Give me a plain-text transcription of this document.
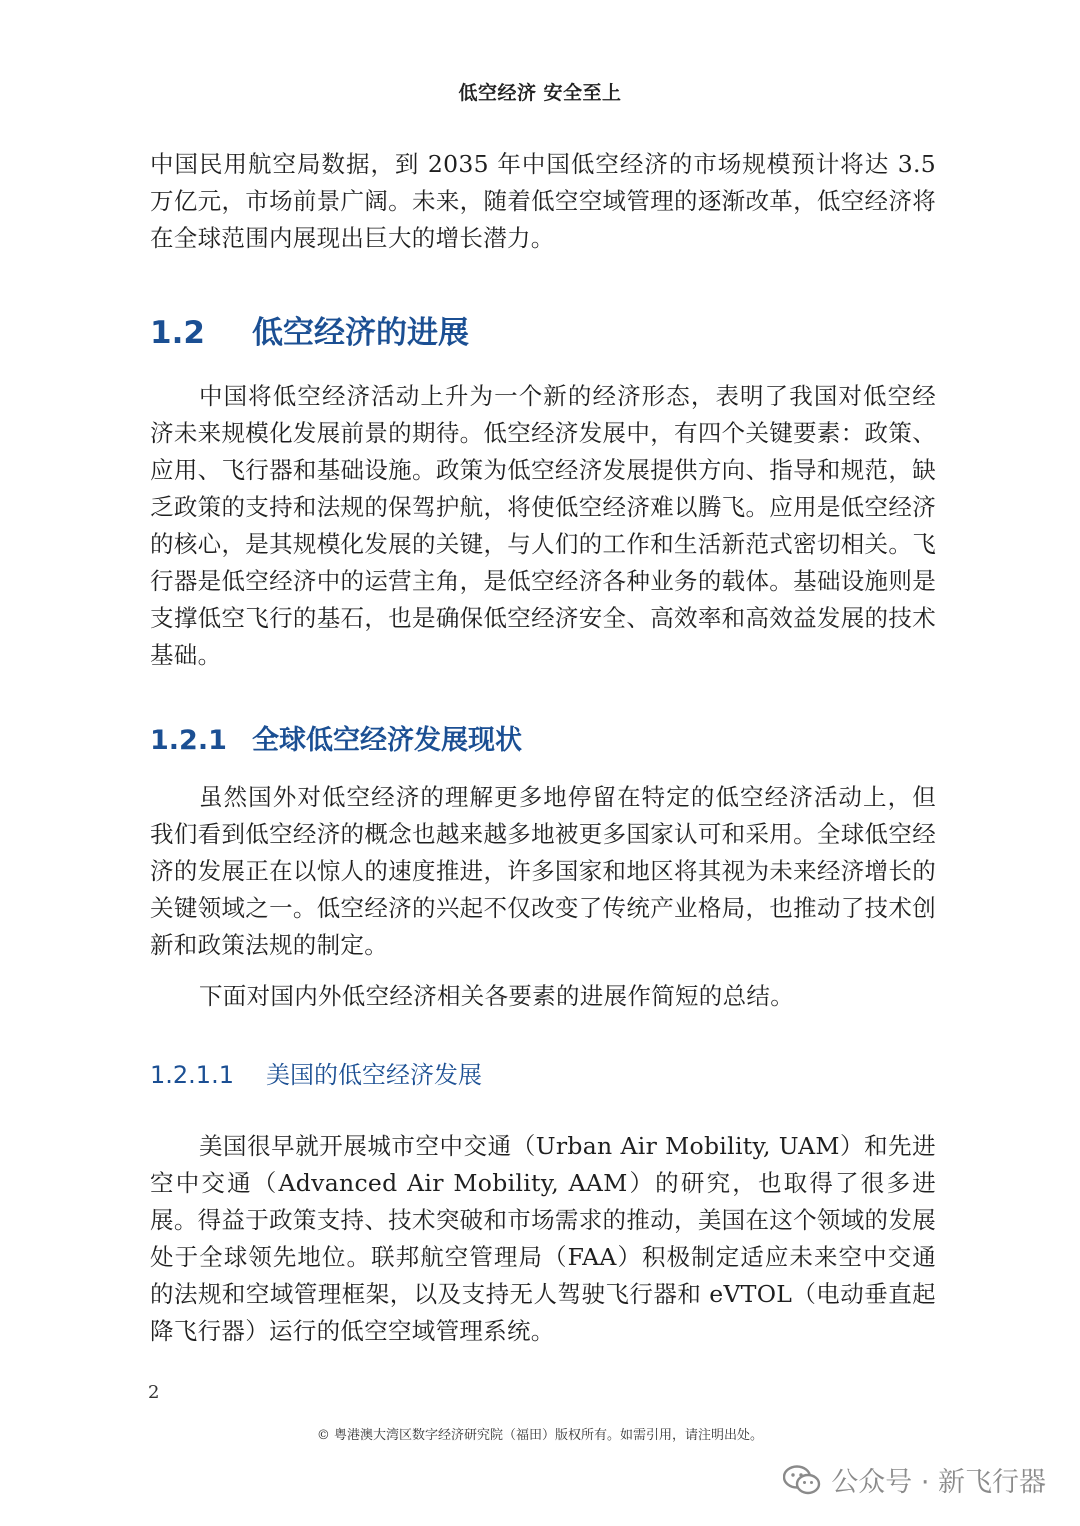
低空经济 安全至上

中国民用航空局数据，到 2035 年中国低空经济的市场规模预计将达 3.5 万亿元，市场前景广阔。未来，随着低空空域管理的逐渐改革，低空经济将在全球范围内展现出巨大的增长潜力。

1.2	低空经济的进展

中国将低空经济活动上升为一个新的经济形态，表明了我国对低空经济未来规模化发展前景的期待。低空经济发展中，有四个关键要素：政策、应用、飞行器和基础设施。政策为低空经济发展提供方向、指导和规范，缺乏政策的支持和法规的保驾护航，将使低空经济难以腾飞。应用是低空经济的核心，是其规模化发展的关键，与人们的工作和生活新范式密切相关。飞行器是低空经济中的运营主角，是低空经济各种业务的载体。基础设施则是支撑低空飞行的基石，也是确保低空经济安全、高效率和高效益发展的技术基础。

1.2.1 全球低空经济发展现状

虽然国外对低空经济的理解更多地停留在特定的低空经济活动上，但我们看到低空经济的概念也越来越多地被更多国家认可和采用。全球低空经济的发展正在以惊人的速度推进，许多国家和地区将其视为未来经济增长的关键领域之一。低空经济的兴起不仅改变了传统产业格局，也推动了技术创新和政策法规的制定。

下面对国内外低空经济相关各要素的进展作简短的总结。

1.2.1.1	美国的低空经济发展

美国很早就开展城市空中交通（Urban Air Mobility, UAM）和先进空中交通（Advanced Air Mobility, AAM）的研究，也取得了很多进展。得益于政策支持、技术突破和市场需求的推动，美国在这个领域的发展处于全球领先地位。联邦航空管理局（FAA）积极制定适应未来空中交通的法规和空域管理框架，以及支持无人驾驶飞行器和 eVTOL（电动垂直起降飞行器）运行的低空空域管理系统。

2
© 粤港澳大湾区数字经济研究院（福田）版权所有。如需引用，请注明出处。
公众号 · 新飞行器
